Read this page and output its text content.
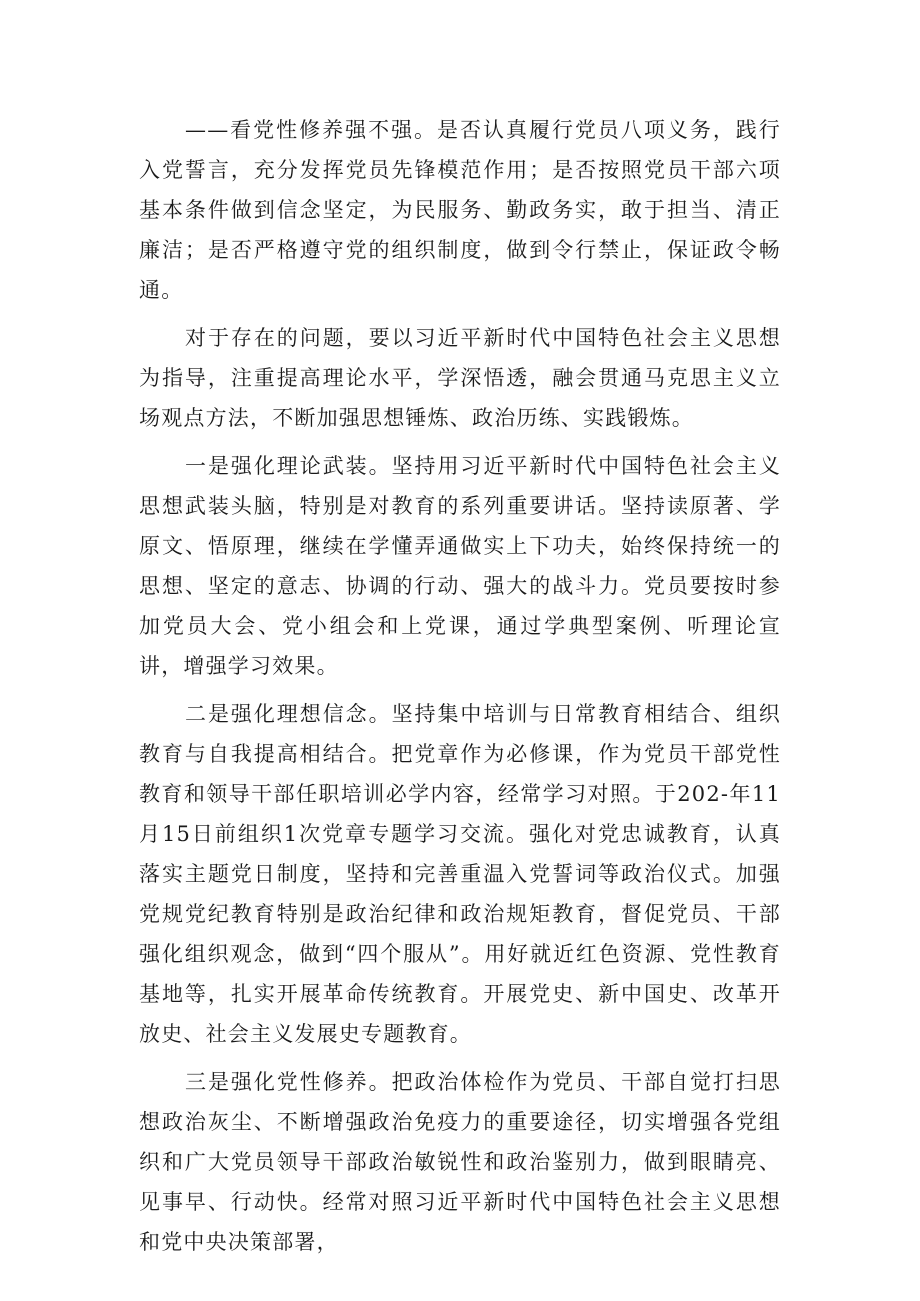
——看党性修养强不强。是否认真履行党员八项义务，践行入党誓言，充分发挥党员先锋模范作用；是否按照党员干部六项基本条件做到信念坚定，为民服务、勤政务实，敢于担当、清正廉洁；是否严格遵守党的组织制度，做到令行禁止，保证政令畅通。

对于存在的问题，要以习近平新时代中国特色社会主义思想为指导，注重提高理论水平，学深悟透，融会贯通马克思主义立场观点方法，不断加强思想锤炼、政治历练、实践锻炼。

一是强化理论武装。坚持用习近平新时代中国特色社会主义思想武装头脑，特别是对教育的系列重要讲话。坚持读原著、学原文、悟原理，继续在学懂弄通做实上下功夫，始终保持统一的思想、坚定的意志、协调的行动、强大的战斗力。党员要按时参加党员大会、党小组会和上党课，通过学典型案例、听理论宣讲，增强学习效果。

二是强化理想信念。坚持集中培训与日常教育相结合、组织教育与自我提高相结合。把党章作为必修课，作为党员干部党性教育和领导干部任职培训必学内容，经常学习对照。于202-年11月15日前组织1次党章专题学习交流。强化对党忠诚教育，认真落实主题党日制度，坚持和完善重温入党誓词等政治仪式。加强党规党纪教育特别是政治纪律和政治规矩教育，督促党员、干部强化组织观念，做到“四个服从”。用好就近红色资源、党性教育基地等，扎实开展革命传统教育。开展党史、新中国史、改革开放史、社会主义发展史专题教育。

三是强化党性修养。把政治体检作为党员、干部自觉打扫思想政治灰尘、不断增强政治免疫力的重要途径，切实增强各党组织和广大党员领导干部政治敏锐性和政治鉴别力，做到眼睛亮、见事早、行动快。经常对照习近平新时代中国特色社会主义思想和党中央决策部署，
